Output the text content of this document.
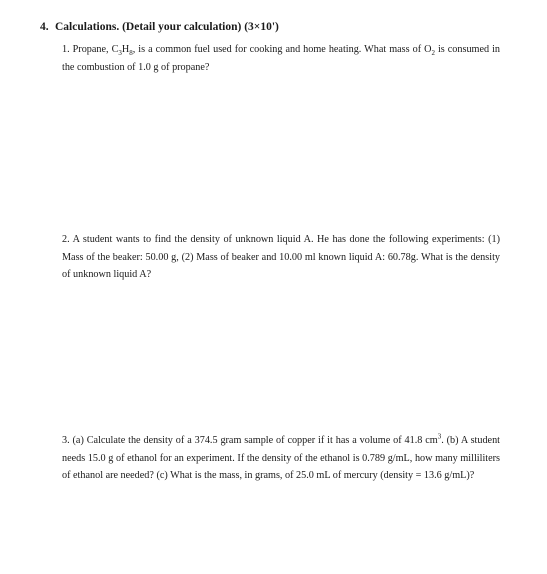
4. Calculations. (Detail your calculation) (3×10')
1. Propane, $C_3H_8$, is a common fuel used for cooking and home heating. What mass of $O_2$ is consumed in the combustion of 1.0 g of propane?
2. A student wants to find the density of unknown liquid A. He has done the following experiments: (1) Mass of the beaker: 50.00 g, (2) Mass of beaker and 10.00 ml known liquid A: 60.78g. What is the density of unknown liquid A?
3. (a) Calculate the density of a 374.5 gram sample of copper if it has a volume of 41.8 $cm^3$. (b) A student needs 15.0 g of ethanol for an experiment. If the density of the ethanol is 0.789 g/mL, how many milliliters of ethanol are needed? (c) What is the mass, in grams, of 25.0 mL of mercury (density = 13.6 g/mL)?
